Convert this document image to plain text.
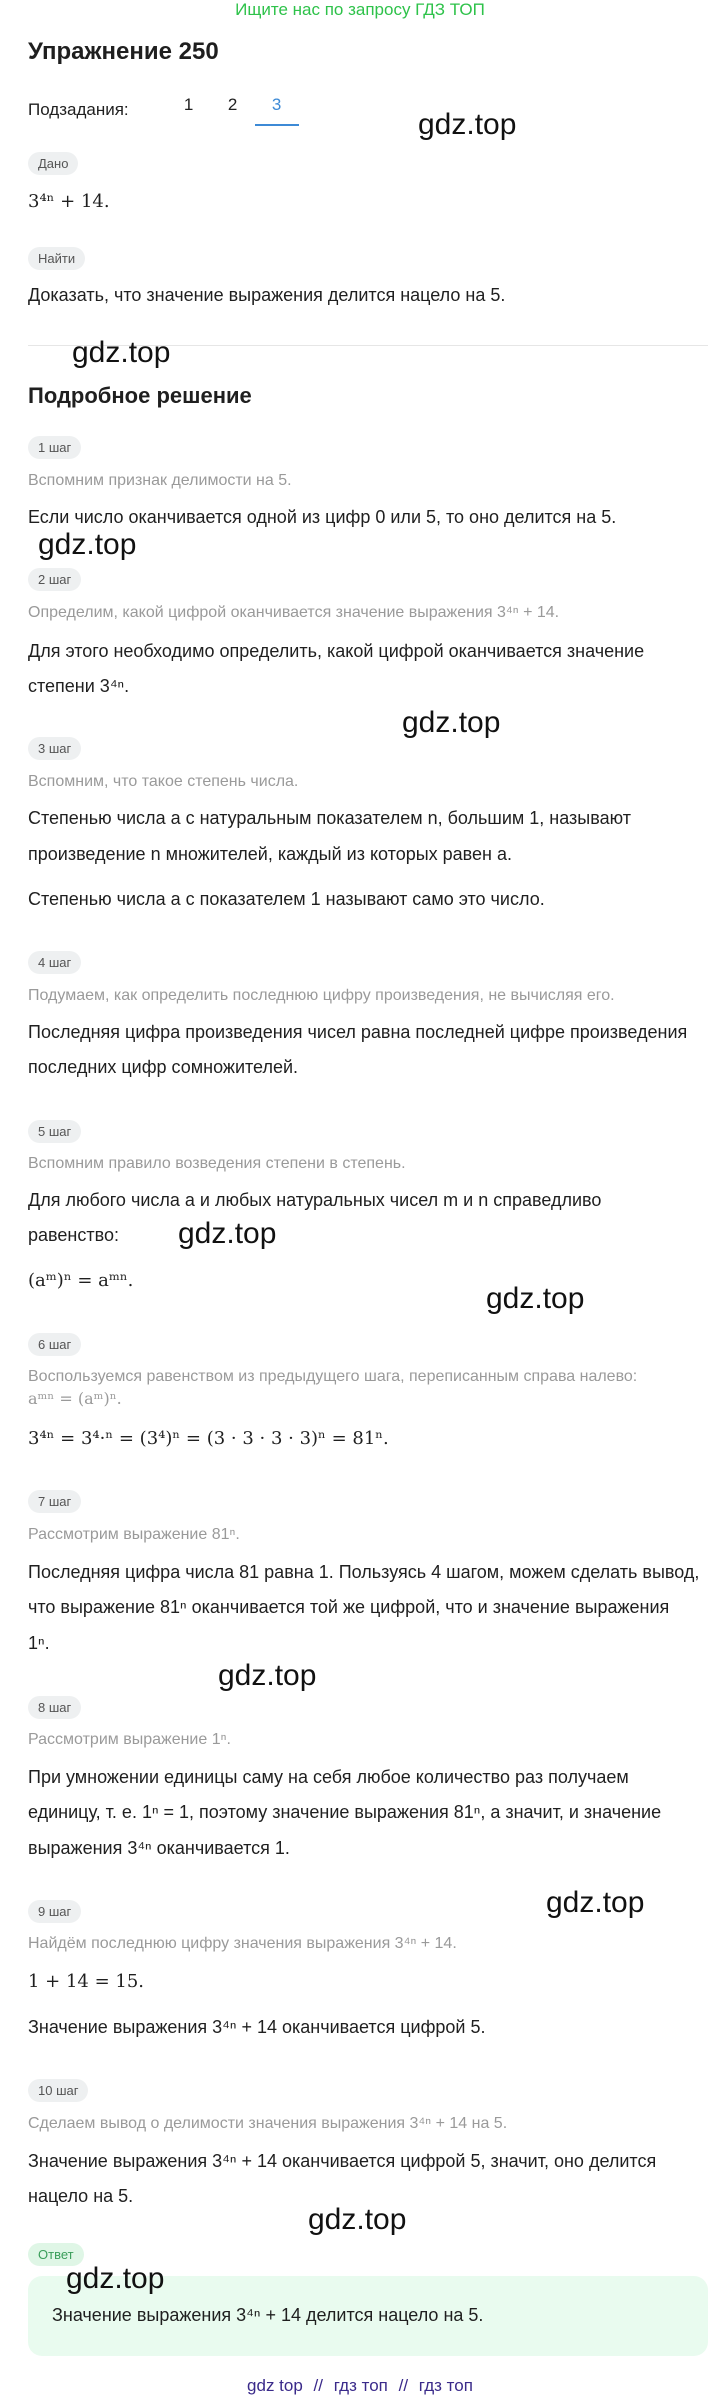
Ищите нас по запросу ГДЗ ТОП
Упражнение 250
Подзадания:	1	2	3
Дано
3⁴ⁿ + 14.
Найти
Доказать, что значение выражения делится нацело на 5.
Подробное решение
1 шаг
Вспомним признак делимости на 5.
Если число оканчивается одной из цифр 0 или 5, то оно делится на 5.
2 шаг
Определим, какой цифрой оканчивается значение выражения 3⁴ⁿ + 14.
Для этого необходимо определить, какой цифрой оканчивается значение
степени 3⁴ⁿ.
3 шаг
Вспомним, что такое степень числа.
Степенью числа a с натуральным показателем n, большим 1, называют
произведение n множителей, каждый из которых равен a.
Степенью числа a с показателем 1 называют само это число.
4 шаг
Подумаем, как определить последнюю цифру произведения, не вычисляя его.
Последняя цифра произведения чисел равна последней цифре произведения
последних цифр сомножителей.
5 шаг
Вспомним правило возведения степени в степень.
Для любого числа a и любых натуральных чисел m и n справедливо
равенство:
(aᵐ)ⁿ = aᵐⁿ.
6 шаг
Воспользуемся равенством из предыдущего шага, переписанным справа налево:
aᵐⁿ = (aᵐ)ⁿ.
3⁴ⁿ = 3⁴·ⁿ = (3⁴)ⁿ = (3 · 3 · 3 · 3)ⁿ = 81ⁿ.
7 шаг
Рассмотрим выражение 81ⁿ.
Последняя цифра числа 81 равна 1. Пользуясь 4 шагом, можем сделать вывод,
что выражение 81ⁿ оканчивается той же цифрой, что и значение выражения
1ⁿ.
8 шаг
Рассмотрим выражение 1ⁿ.
При умножении единицы саму на себя любое количество раз получаем
единицу, т. е. 1ⁿ = 1, поэтому значение выражения 81ⁿ, а значит, и значение
выражения 3⁴ⁿ оканчивается 1.
9 шаг
Найдём последнюю цифру значения выражения 3⁴ⁿ + 14.
1 + 14 = 15.
Значение выражения 3⁴ⁿ + 14 оканчивается цифрой 5.
10 шаг
Сделаем вывод о делимости значения выражения 3⁴ⁿ + 14 на 5.
Значение выражения 3⁴ⁿ + 14 оканчивается цифрой 5, значит, оно делится
нацело на 5.
Ответ
Значение выражения 3⁴ⁿ + 14 делится нацело на 5.
gdz.top
gdz.top
gdz.top
gdz.top
gdz.top
gdz.top
gdz.top
gdz.top
gdz.top
gdz.top
gdz top // гдз топ // гдз топ
